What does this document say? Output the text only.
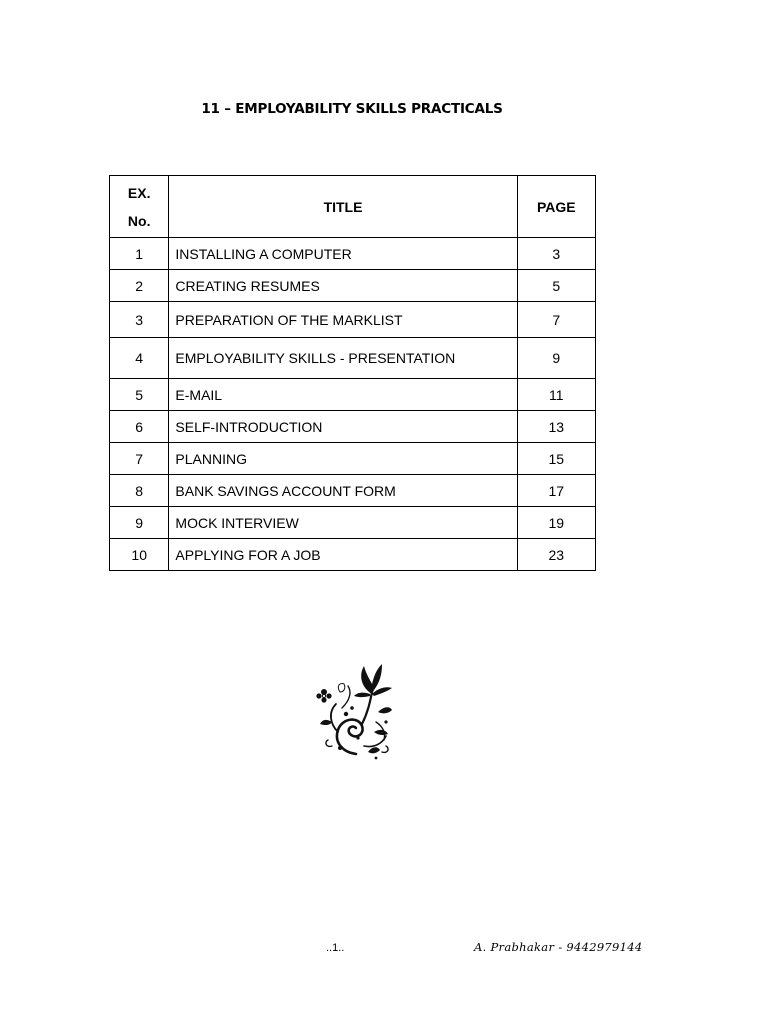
11 – EMPLOYABILITY SKILLS PRACTICALS
EX.
No.	TITLE	PAGE
1	INSTALLING A COMPUTER	3
2	CREATING RESUMES	5
3	PREPARATION OF THE MARKLIST	7
4	EMPLOYABILITY SKILLS - PRESENTATION	9
5	E-MAIL	11
6	SELF-INTRODUCTION	13
7	PLANNING	15
8	BANK SAVINGS ACCOUNT FORM	17
9	MOCK INTERVIEW	19
10	APPLYING FOR A JOB	23
..1..	A. Prabhakar - 9442979144
